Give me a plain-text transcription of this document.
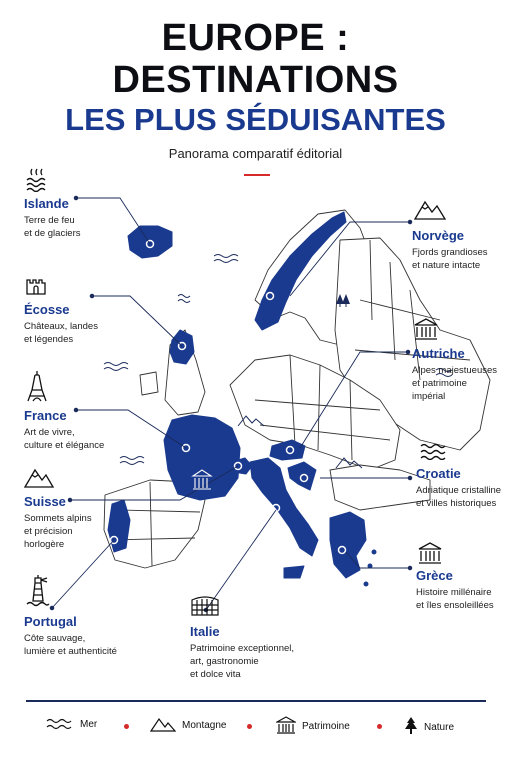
EUROPE :
DESTINATIONS
LES PLUS SÉDUISANTES
Panorama comparatif éditorial
Islande
Terre de feu
et de glaciers
Écosse
Châteaux, landes
et légendes
France
Art de vivre,
culture et élégance
Suisse
Sommets alpins
et précision
horlogère
Portugal
Côte sauvage,
lumière et authenticité
Italie
Patrimoine exceptionnel,
art, gastronomie
et dolce vita
Norvège
Fjords grandioses
et nature intacte
Autriche
Alpes majestueuses
et patrimoine
impérial
Croatie
Adriatique cristalline
et villes historiques
Grèce
Histoire millénaire
et îles ensoleillées
Mer	Montagne	Patrimoine	Nature
